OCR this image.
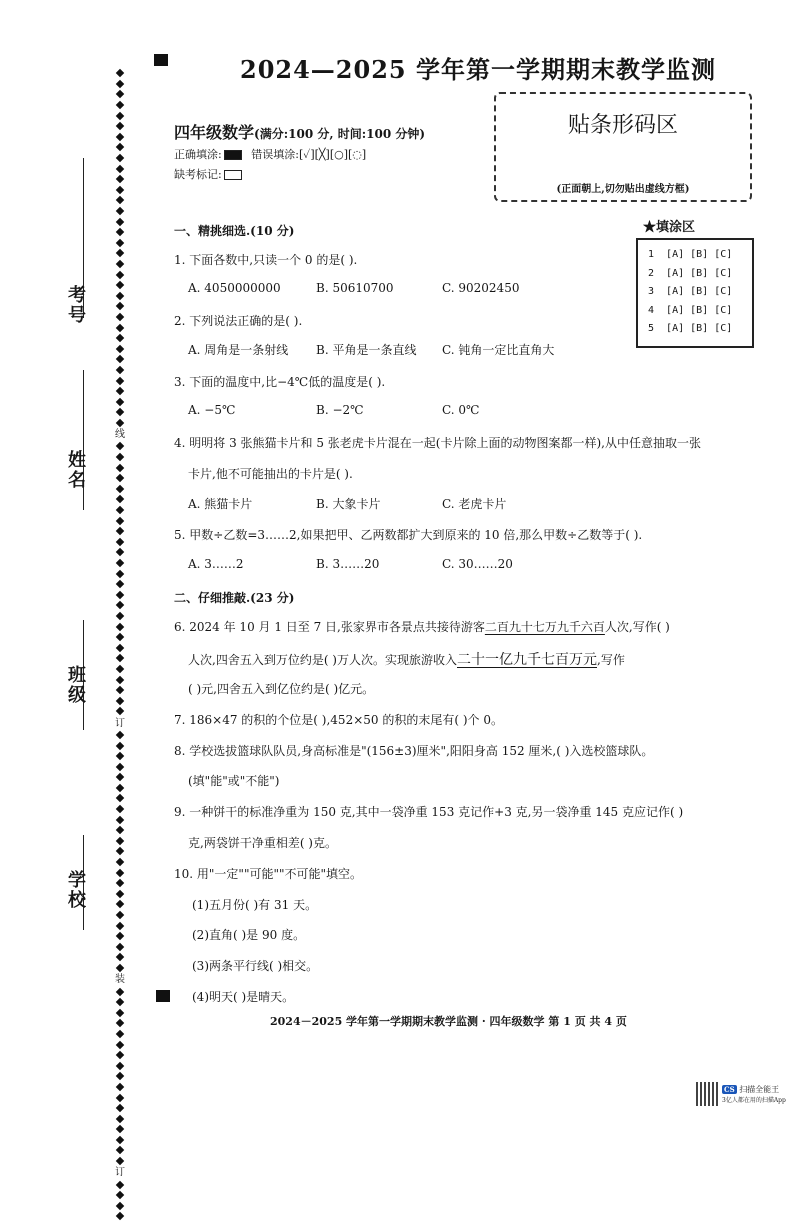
考号
姓名
班级
学校
线
订
装
订
2024—2025 学年第一学期期末教学监测
贴条形码区
(正面朝上,切勿贴出虚线方框)
四年级数学(满分:100 分, 时间:100 分钟)
正确填涂:	错误填涂:[✓][╳][○][◌]
缺考标记:
★填涂区
1  [A] [B] [C]
2  [A] [B] [C]
3  [A] [B] [C]
4  [A] [B] [C]
5  [A] [B] [C]
一、精挑细选.(10 分)
1. 下面各数中,只读一个 0 的是( ).
A. 4050000000	B. 50610700	C. 90202450
2. 下列说法正确的是( ).
A. 周角是一条射线 B. 平角是一条直线 C. 钝角一定比直角大
3. 下面的温度中,比−4℃低的温度是( ).
A. −5℃	B. −2℃	C. 0℃
4. 明明将 3 张熊猫卡片和 5 张老虎卡片混在一起(卡片除上面的动物图案都一样),从中任意抽取一张
卡片,他不可能抽出的卡片是( ).
A. 熊猫卡片	B. 大象卡片	C. 老虎卡片
5. 甲数÷乙数=3……2,如果把甲、乙两数都扩大到原来的 10 倍,那么甲数÷乙数等于( ).
A. 3……2	B. 3……20	C. 30……20
二、仔细推敲.(23 分)
6. 2024 年 10 月 1 日至 7 日,张家界市各景点共接待游客二百九十七万九千六百人次,写作( )
人次,四舍五入到万位约是( )万人次。实现旅游收入二十一亿九千七百万元,写作
( )元,四舍五入到亿位约是( )亿元。
7. 186×47 的积的个位是( ),452×50 的积的末尾有( )个 0。
8. 学校选拔篮球队队员,身高标准是"(156±3)厘米",阳阳身高 152 厘米,( )入选校篮球队。
(填"能"或"不能")
9. 一种饼干的标准净重为 150 克,其中一袋净重 153 克记作+3 克,另一袋净重 145 克应记作( )
克,两袋饼干净重相差( )克。
10. 用"一定""可能""不可能"填空。
(1)五月份( )有 31 天。
(2)直角( )是 90 度。
(3)两条平行线( )相交。
(4)明天( )是晴天。
2024－2025 学年第一学期期末教学监测 · 四年级数学 第 1 页 共 4 页
CS 扫描全能王
3亿人都在用的扫描App
